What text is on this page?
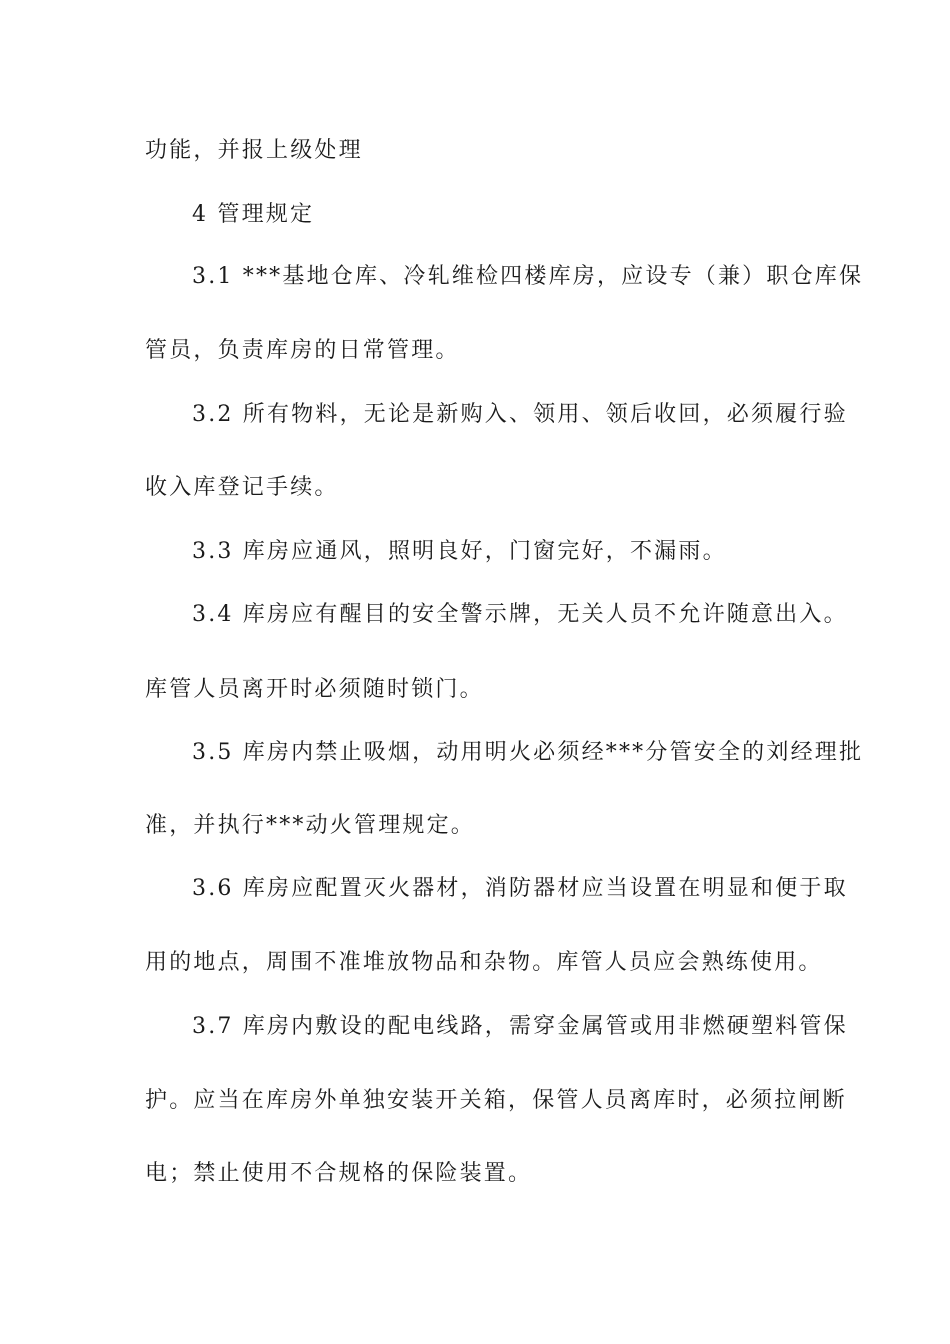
功能，并报上级处理
4 管理规定
3.1 ***基地仓库、冷轧维检四楼库房，应设专（兼）职仓库保
管员，负责库房的日常管理。
3.2 所有物料，无论是新购入、领用、领后收回，必须履行验
收入库登记手续。
3.3 库房应通风，照明良好，门窗完好，不漏雨。
3.4 库房应有醒目的安全警示牌，无关人员不允许随意出入。
库管人员离开时必须随时锁门。
3.5 库房内禁止吸烟，动用明火必须经***分管安全的刘经理批
准，并执行***动火管理规定。
3.6 库房应配置灭火器材，消防器材应当设置在明显和便于取
用的地点，周围不准堆放物品和杂物。库管人员应会熟练使用。
3.7 库房内敷设的配电线路，需穿金属管或用非燃硬塑料管保
护。应当在库房外单独安装开关箱，保管人员离库时，必须拉闸断
电；禁止使用不合规格的保险装置。
